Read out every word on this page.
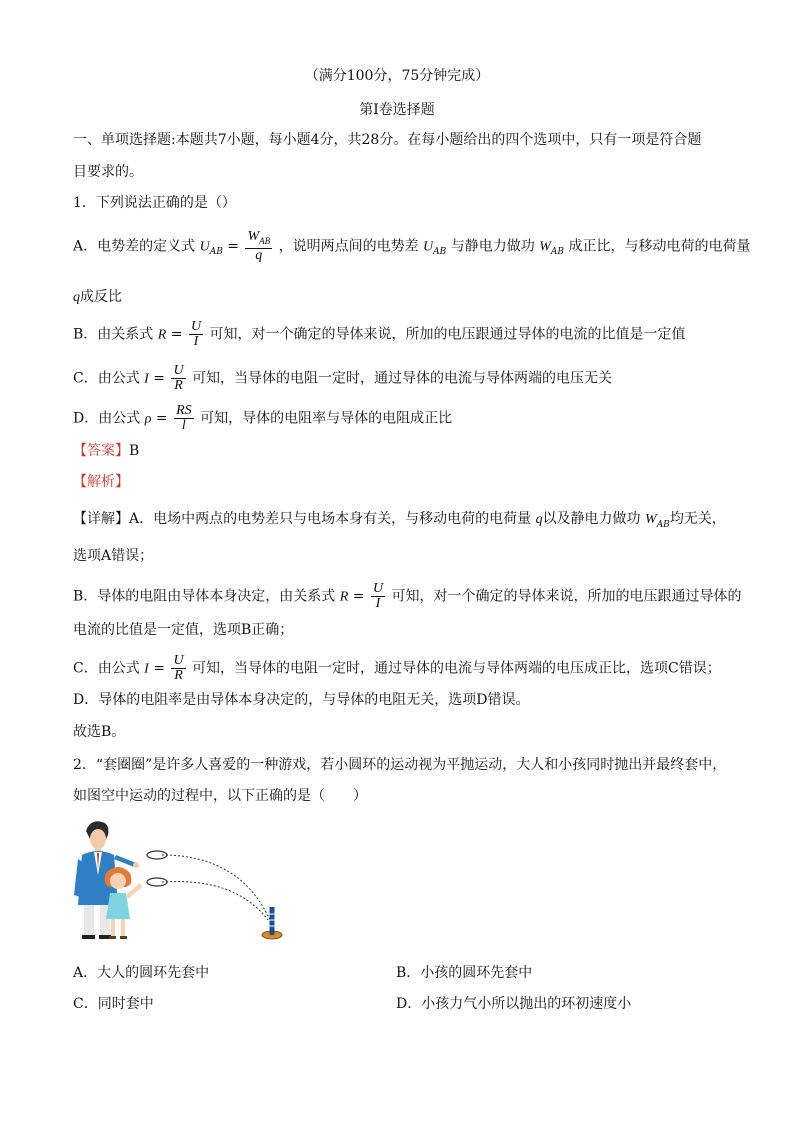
（满分100分，75分钟完成）
第Ⅰ卷选择题
一、单项选择题:本题共7小题，每小题4分，共28分。在每小题给出的四个选项中，只有一项是符合题
目要求的。
1．下列说法正确的是（）
A．电势差的定义式 $U_{AB} = \frac{W_{AB}}{q}$ ，说明两点间的电势差 $U_{AB}$ 与静电力做功 $W_{AB}$ 成正比，与移动电荷的电荷量
q成反比
B．由关系式 $R = \frac{U}{I}$ 可知，对一个确定的导体来说，所加的电压跟通过导体的电流的比值是一定值
C．由公式 $I = \frac{U}{R}$ 可知，当导体的电阻一定时，通过导体的电流与导体两端的电压无关
D．由公式 $\rho = \frac{RS}{l}$ 可知，导体的电阻率与导体的电阻成正比
【答案】B
【解析】
【详解】A．电场中两点的电势差只与电场本身有关，与移动电荷的电荷量 q以及静电力做功 $W_{AB}$均无关，
选项A错误；
B．导体的电阻由导体本身决定，由关系式 $R = \frac{U}{I}$ 可知，对一个确定的导体来说，所加的电压跟通过导体的
电流的比值是一定值，选项B正确；
C．由公式 $I = \frac{U}{R}$ 可知，当导体的电阻一定时，通过导体的电流与导体两端的电压成正比，选项C错误；
D．导体的电阻率是由导体本身决定的，与导体的电阻无关，选项D错误。
故选B。
2．“套圈圈”是许多人喜爱的一种游戏，若小圆环的运动视为平抛运动，大人和小孩同时抛出并最终套中，
如图空中运动的过程中，以下正确的是（　　）
A．大人的圆环先套中	B．小孩的圆环先套中
C．同时套中	D．小孩力气小所以抛出的环初速度小
